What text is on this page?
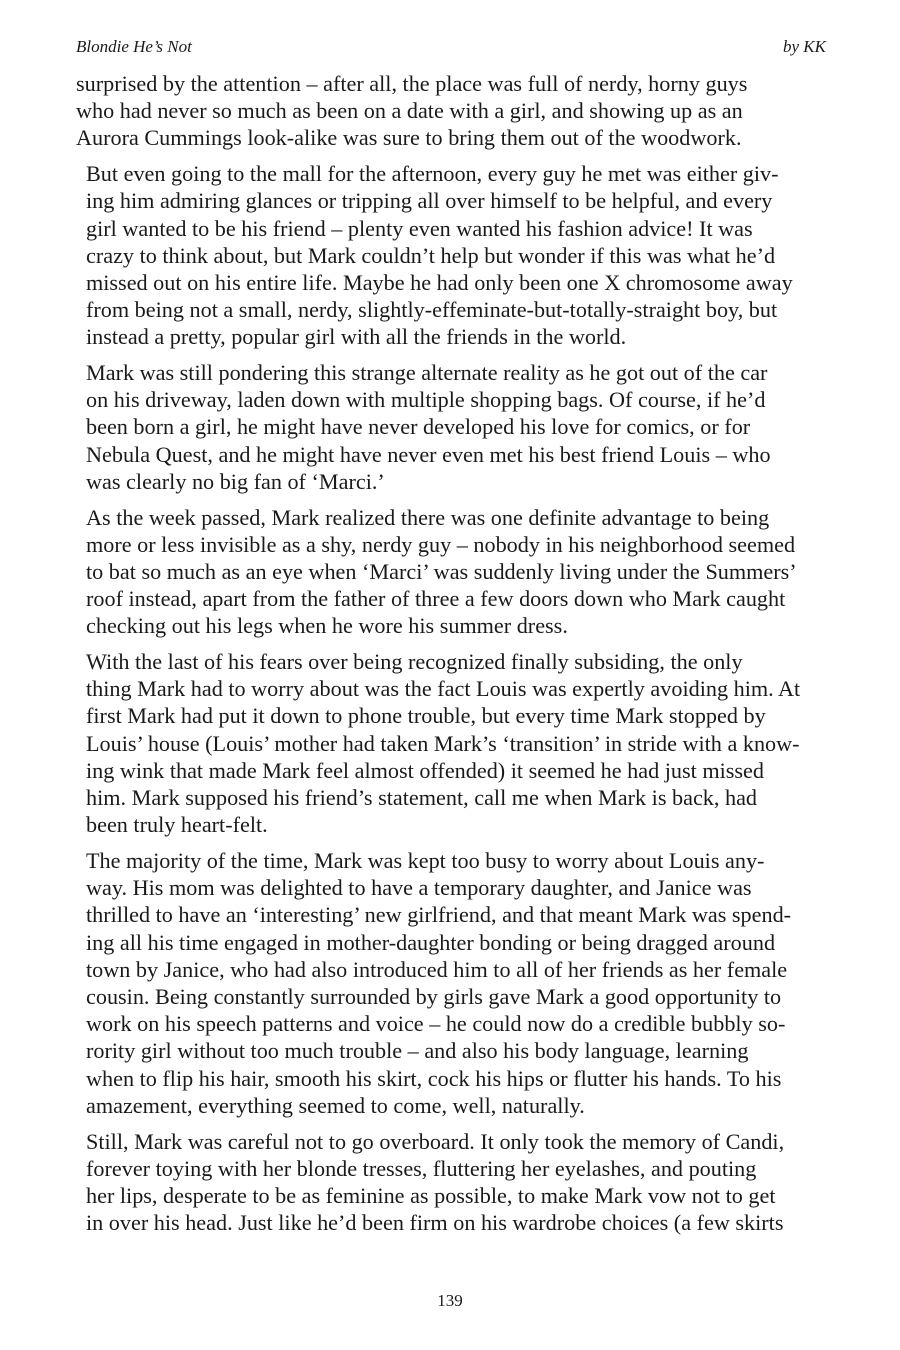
Blondie He’s Not	by KK

surprised by the attention – after all, the place was full of nerdy, horny guys
who had never so much as been on a date with a girl, and showing up as an
Aurora Cummings look-alike was sure to bring them out of the woodwork.

But even going to the mall for the afternoon, every guy he met was either giv-
ing him admiring glances or tripping all over himself to be helpful, and every
girl wanted to be his friend – plenty even wanted his fashion advice! It was
crazy to think about, but Mark couldn’t help but wonder if this was what he’d
missed out on his entire life. Maybe he had only been one X chromosome away
from being not a small, nerdy, slightly-effeminate-but-totally-straight boy, but
instead a pretty, popular girl with all the friends in the world.

Mark was still pondering this strange alternate reality as he got out of the car
on his driveway, laden down with multiple shopping bags. Of course, if he’d
been born a girl, he might have never developed his love for comics, or for
Nebula Quest, and he might have never even met his best friend Louis – who
was clearly no big fan of ‘Marci.’

As the week passed, Mark realized there was one definite advantage to being
more or less invisible as a shy, nerdy guy – nobody in his neighborhood seemed
to bat so much as an eye when ‘Marci’ was suddenly living under the Summers’
roof instead, apart from the father of three a few doors down who Mark caught
checking out his legs when he wore his summer dress.

With the last of his fears over being recognized finally subsiding, the only
thing Mark had to worry about was the fact Louis was expertly avoiding him. At
first Mark had put it down to phone trouble, but every time Mark stopped by
Louis’ house (Louis’ mother had taken Mark’s ‘transition’ in stride with a know-
ing wink that made Mark feel almost offended) it seemed he had just missed
him. Mark supposed his friend’s statement, call me when Mark is back, had
been truly heart-felt.

The majority of the time, Mark was kept too busy to worry about Louis any-
way. His mom was delighted to have a temporary daughter, and Janice was
thrilled to have an ‘interesting’ new girlfriend, and that meant Mark was spend-
ing all his time engaged in mother-daughter bonding or being dragged around
town by Janice, who had also introduced him to all of her friends as her female
cousin. Being constantly surrounded by girls gave Mark a good opportunity to
work on his speech patterns and voice – he could now do a credible bubbly so-
rority girl without too much trouble – and also his body language, learning
when to flip his hair, smooth his skirt, cock his hips or flutter his hands. To his
amazement, everything seemed to come, well, naturally.

Still, Mark was careful not to go overboard. It only took the memory of Candi,
forever toying with her blonde tresses, fluttering her eyelashes, and pouting
her lips, desperate to be as feminine as possible, to make Mark vow not to get
in over his head. Just like he’d been firm on his wardrobe choices (a few skirts

139
